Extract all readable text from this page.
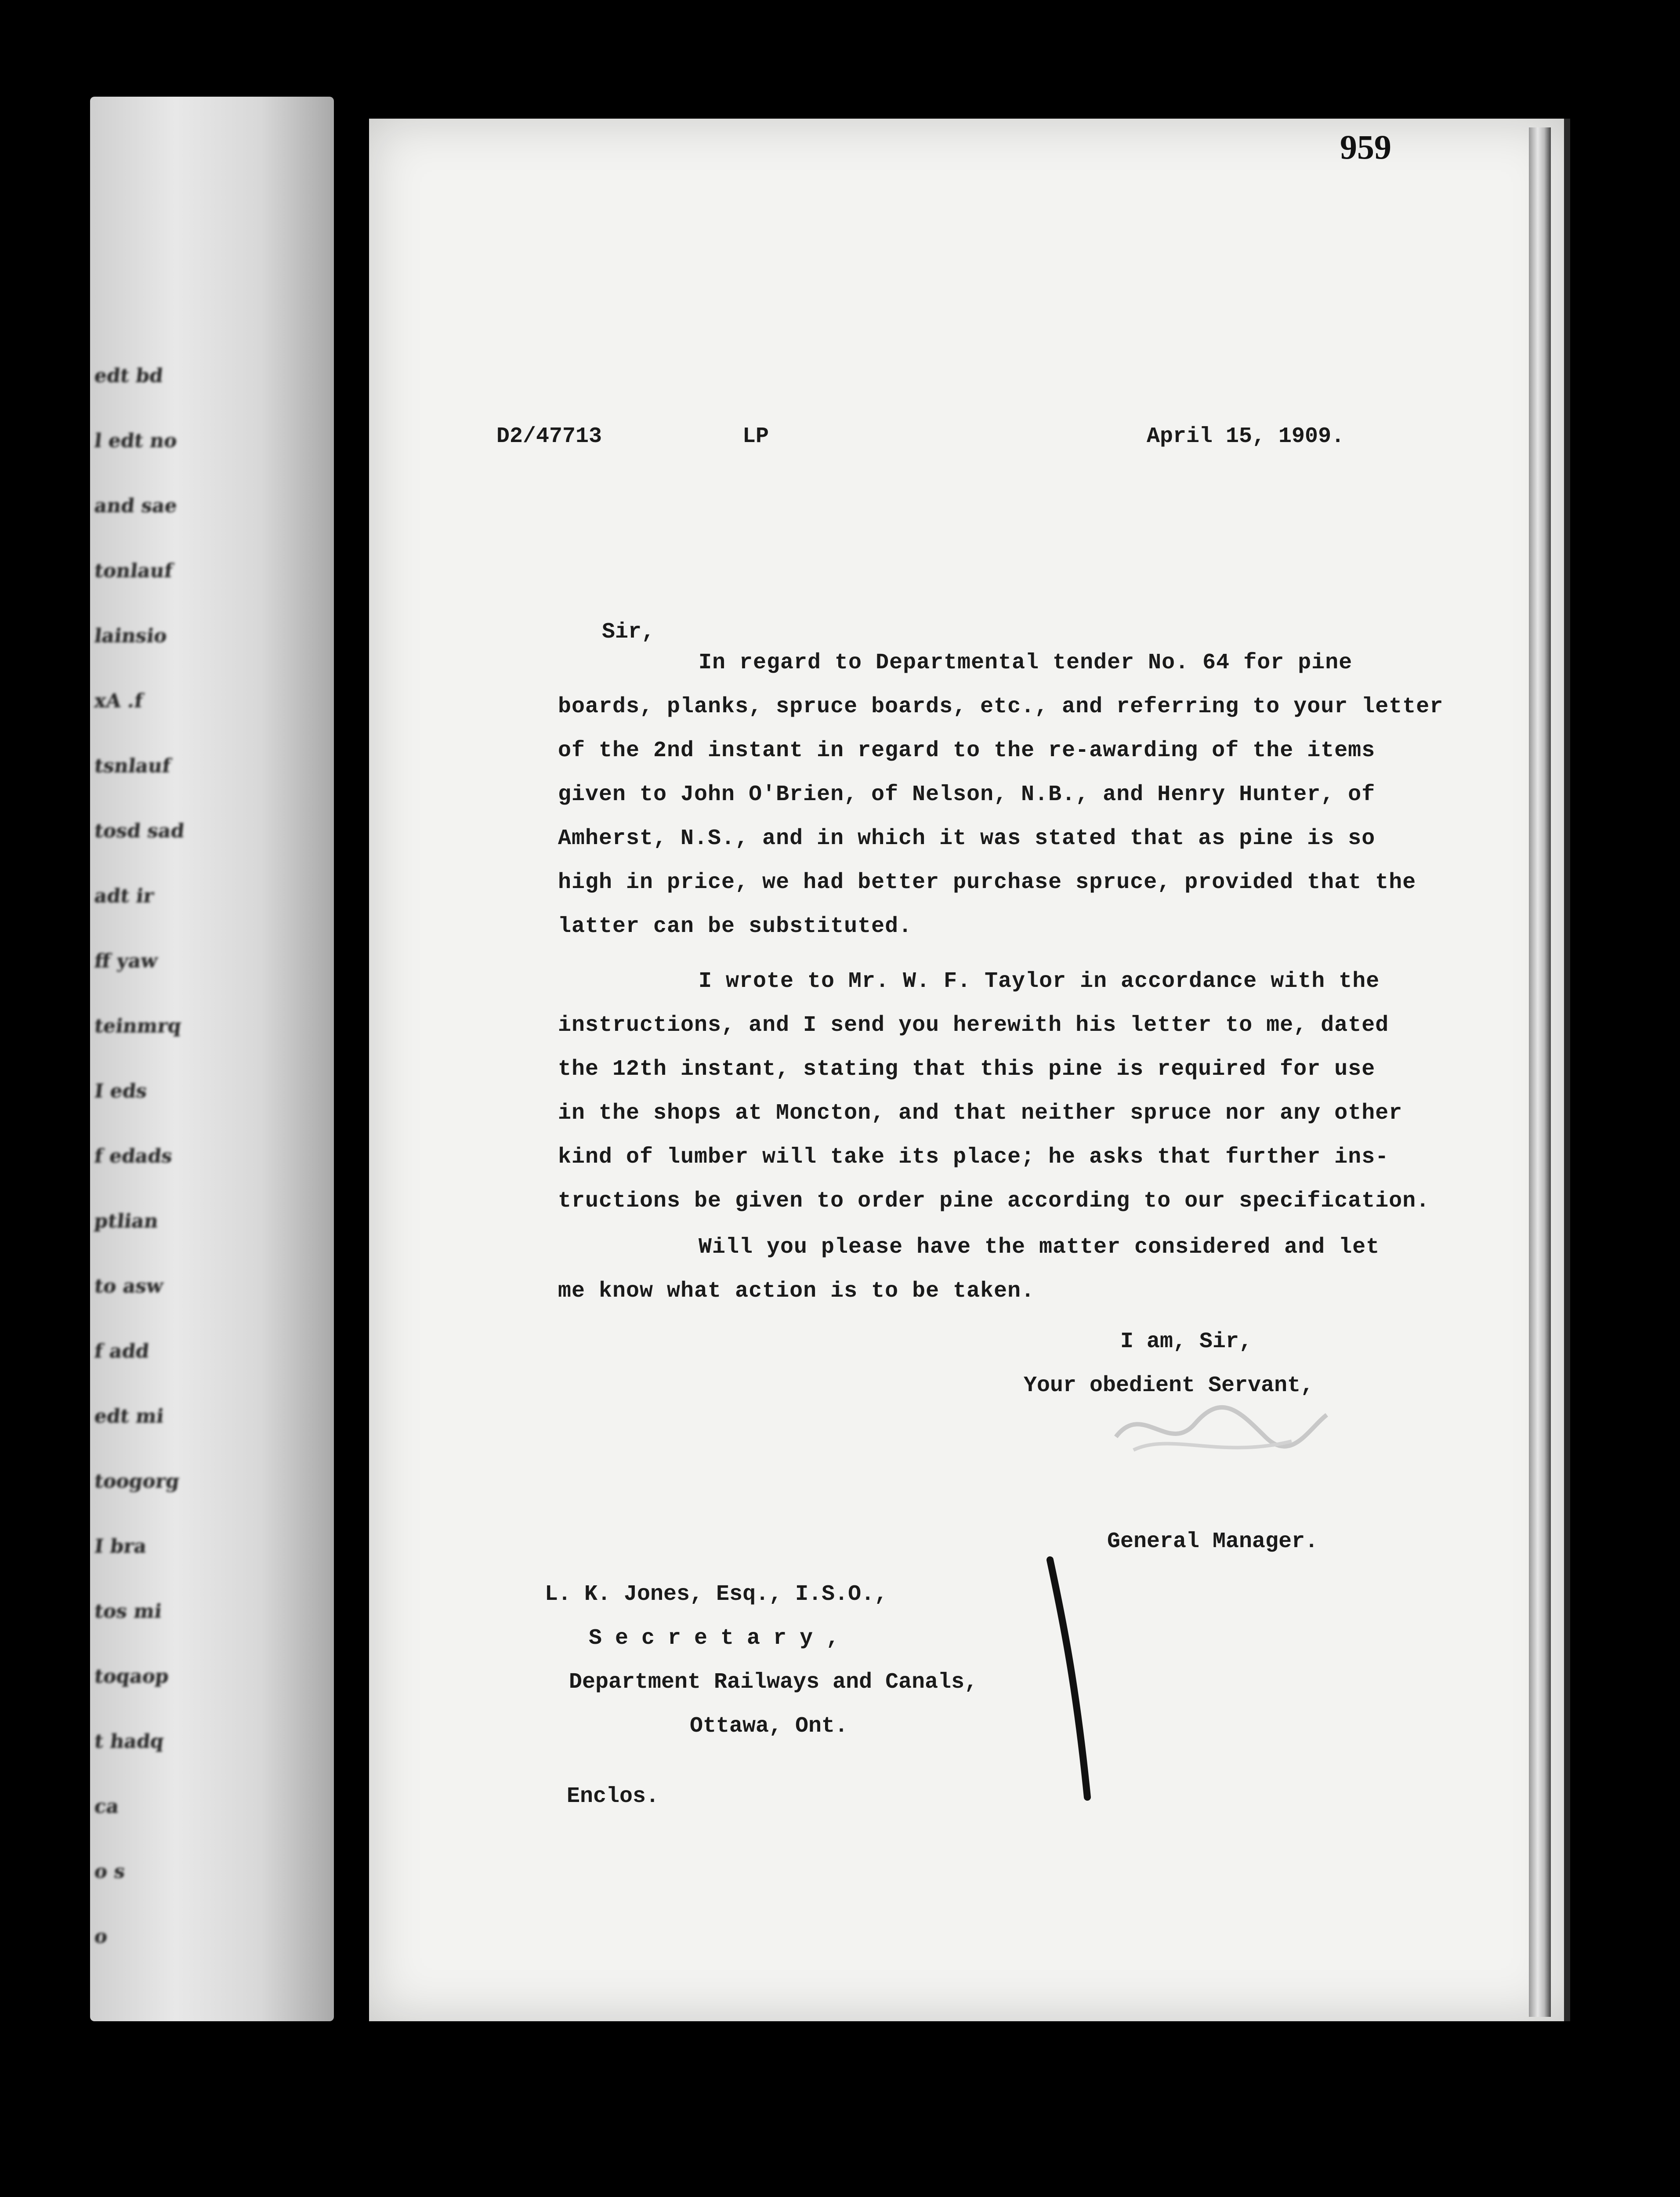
edt bd
l edt no
and sae
tonlauf
lainsio
xA .f
tsnlauf
tosd sad
adt ir
ff yaw
teinmrq
I eds
f edads
ptlian
to asw
f add
edt mi
toogorg
I bra
tos mi
toqaop
t hadq
ca
o s
o
959
D2/47713	LP	April 15, 1909.
Sir,
In regard to Departmental tender No. 64 for pine
boards, planks, spruce boards, etc., and referring to your letter
of the 2nd instant in regard to the re-awarding of the items
given to John O'Brien, of Nelson, N.B., and Henry Hunter, of
Amherst, N.S., and in which it was stated that as pine is so
high in price, we had better purchase spruce, provided that the
latter can be substituted.
I wrote to Mr. W. F. Taylor in accordance with the
instructions, and I send you herewith his letter to me, dated
the 12th instant, stating that this pine is required for use
in the shops at Moncton, and that neither spruce nor any other
kind of lumber will take its place; he asks that further ins-
tructions be given to order pine according to our specification.
Will you please have the matter considered and let
me know what action is to be taken.
I am, Sir,
Your obedient Servant,
General Manager.
L. K. Jones, Esq., I.S.O.,
S e c r e t a r y ,
Department Railways and Canals,
Ottawa, Ont.
Enclos.
